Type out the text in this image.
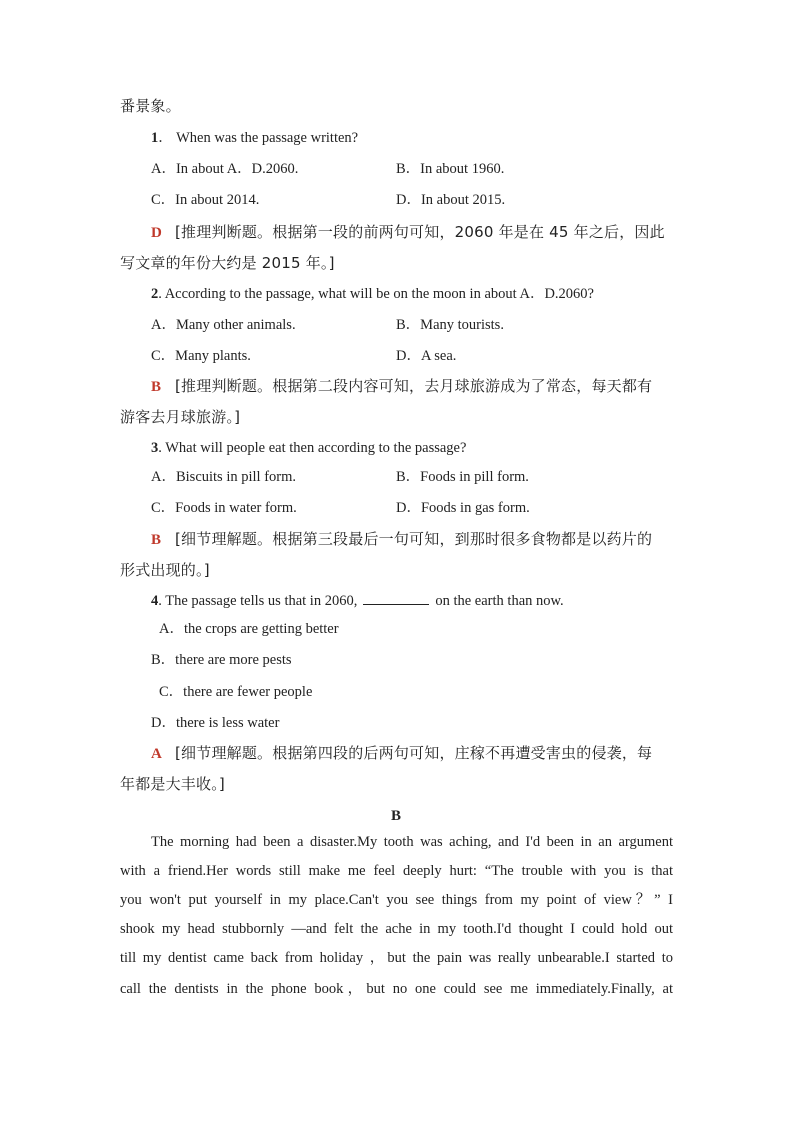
番景象。
1． When was the passage written?
A．In about A．D.2060.	B．In about 1960.
C．In about 2014.	D．In about 2015.
D [推理判断题。根据第一段的前两句可知，2060 年是在 45 年之后，因此
写文章的年份大约是 2015 年。]
2. According to the passage, what will be on the moon in about A．D.2060?
A．Many other animals.	B．Many tourists.
C．Many plants.	D．A sea.
B [推理判断题。根据第二段内容可知，去月球旅游成为了常态，每天都有
游客去月球旅游。]
3. What will people eat then according to the passage?
A．Biscuits in pill form.	B．Foods in pill form.
C．Foods in water form.	D．Foods in gas form.
B [细节理解题。根据第三段最后一句可知，到那时很多食物都是以药片的
形式出现的。]
4. The passage tells us that in 2060,	on the earth than now.
A．the crops are getting better
B．there are more pests
C．there are fewer people
D．there is less water
A [细节理解题。根据第四段的后两句可知，庄稼不再遭受害虫的侵袭，每
年都是大丰收。]
B
The morning had been a disaster.My tooth was aching, and I'd been in an argument
with a friend.Her words still make me feel deeply hurt: “The trouble with you is that
you won't put yourself in my place.Can't you see things from my point of view？” I
shook my head stubbornly —and felt the ache in my tooth.I'd thought I could hold out
till my dentist came back from holiday ，but the pain was really unbearable.I started to
call the dentists in the phone book，but no one could see me immediately.Finally, at
